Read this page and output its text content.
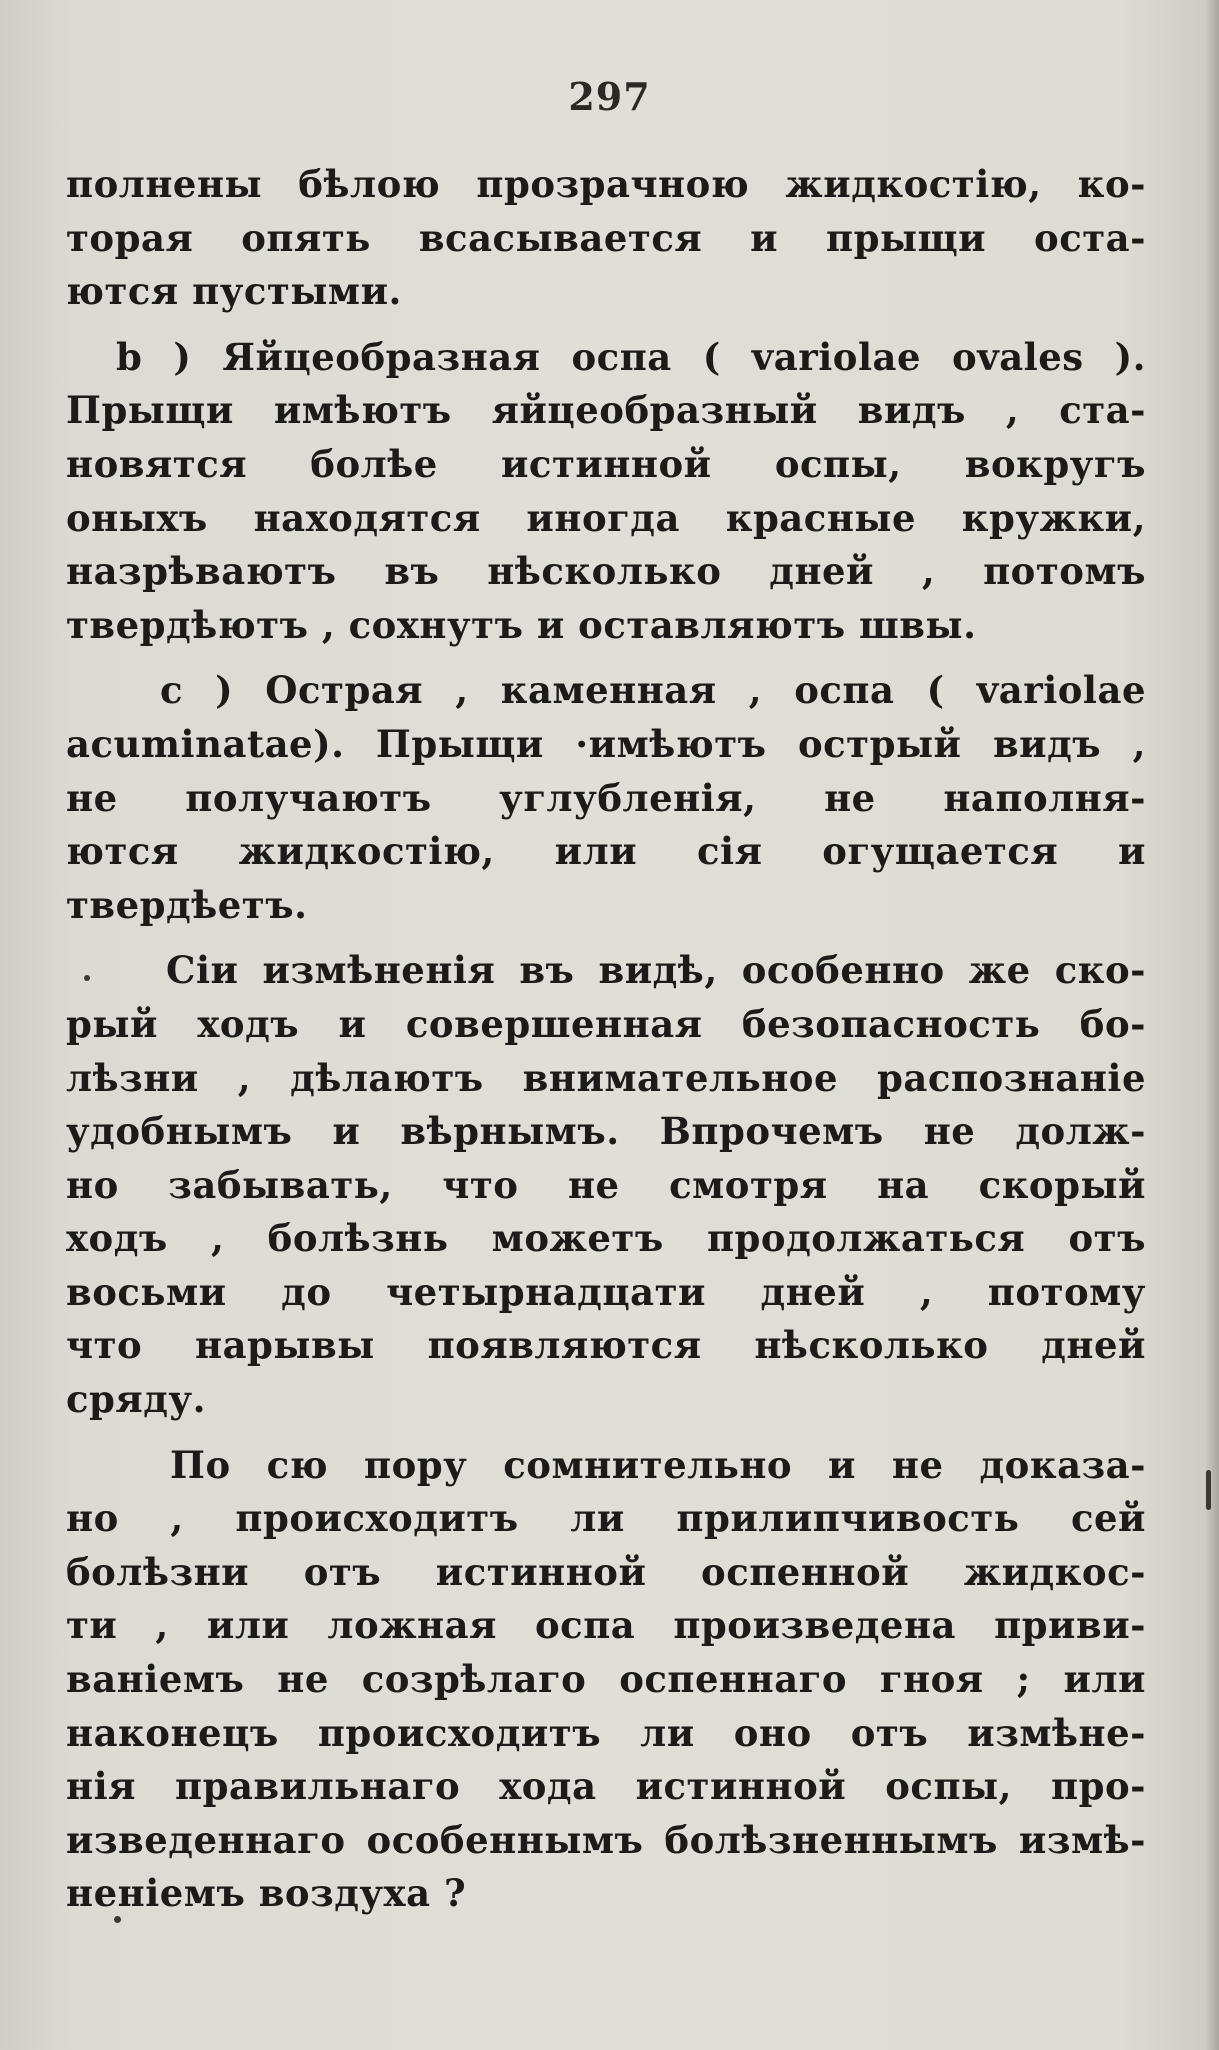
297
полнены бѣлою прозрачною жидкостію, ко-
торая опять всасывается и прыщи оста-
ются пустыми.
b ) Яйцеобразная оспа ( variolae ovales ).
Прыщи имѣютъ яйцеобразный видъ , ста-
новятся болѣе истинной оспы, вокругъ
оныхъ находятся иногда красные кружки,
назрѣваютъ въ нѣсколько дней , потомъ
твердѣютъ , сохнутъ и оставляютъ швы.
c ) Острая , каменная , оспа ( variolae
acuminatae). Прыщи ·имѣютъ острый видъ ,
не получаютъ углубленія, не наполня-
ются жидкостію, или сія огущается и
твердѣетъ.
Сіи измѣненія въ видѣ, особенно же ско-
рый ходъ и совершенная безопасность бо-
лѣзни , дѣлаютъ внимательное распознаніе
удобнымъ и вѣрнымъ. Впрочемъ не долж-
но забывать, что не смотря на скорый
ходъ , болѣзнь можетъ продолжаться отъ
восьми до четырнадцати дней , потому
что нарывы появляются нѣсколько дней
сряду.
По сю пору сомнительно и не доказа-
но , происходитъ ли прилипчивость сей
болѣзни отъ истинной оспенной жидкос-
ти , или ложная оспа произведена приви-
ваніемъ не созрѣлаго оспеннаго гноя ; или
наконецъ происходитъ ли оно отъ измѣне-
нія правильнаго хода истинной оспы, про-
изведеннаго особеннымъ болѣзненнымъ измѣ-
неніемъ воздуха ?
